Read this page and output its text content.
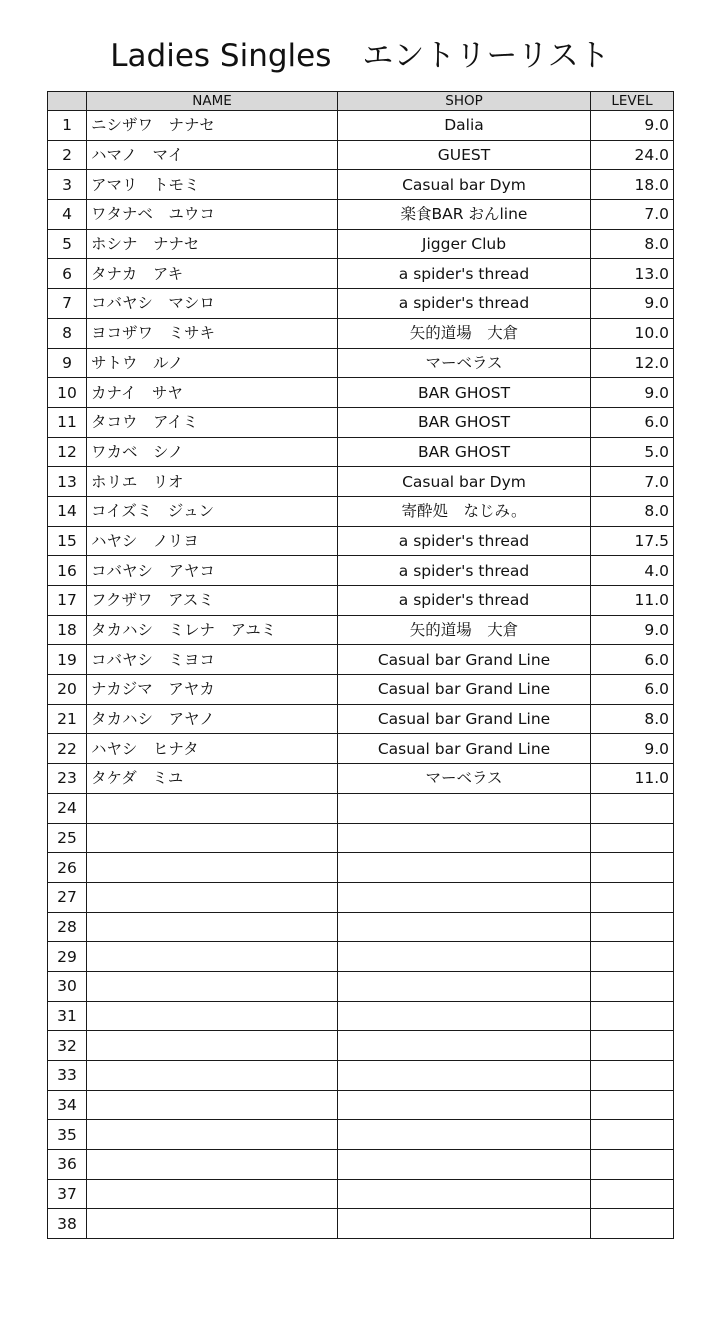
Ladies Singles　エントリーリスト
	NAME	SHOP	LEVEL
1	ニシザワ　ナナセ	Dalia	9.0
2	ハマノ　マイ	GUEST	24.0
3	アマリ　トモミ	Casual bar Dym	18.0
4	ワタナベ　ユウコ	楽食BAR おんline	7.0
5	ホシナ　ナナセ	Jigger Club	8.0
6	タナカ　アキ	a spider's thread	13.0
7	コバヤシ　マシロ	a spider's thread	9.0
8	ヨコザワ　ミサキ	矢的道場　大倉	10.0
9	サトウ　ルノ	マーベラス	12.0
10	カナイ　サヤ	BAR GHOST	9.0
11	タコウ　アイミ	BAR GHOST	6.0
12	ワカベ　シノ	BAR GHOST	5.0
13	ホリエ　リオ	Casual bar Dym	7.0
14	コイズミ　ジュン	寄酔処　なじみ。	8.0
15	ハヤシ　ノリヨ	a spider's thread	17.5
16	コバヤシ　アヤコ	a spider's thread	4.0
17	フクザワ　アスミ	a spider's thread	11.0
18	タカハシ　ミレナ　アユミ	矢的道場　大倉	9.0
19	コバヤシ　ミヨコ	Casual bar Grand Line	6.0
20	ナカジマ　アヤカ	Casual bar Grand Line	6.0
21	タカハシ　アヤノ	Casual bar Grand Line	8.0
22	ハヤシ　ヒナタ	Casual bar Grand Line	9.0
23	タケダ　ミユ	マーベラス	11.0
24			
25			
26			
27			
28			
29			
30			
31			
32			
33			
34			
35			
36			
37			
38			
